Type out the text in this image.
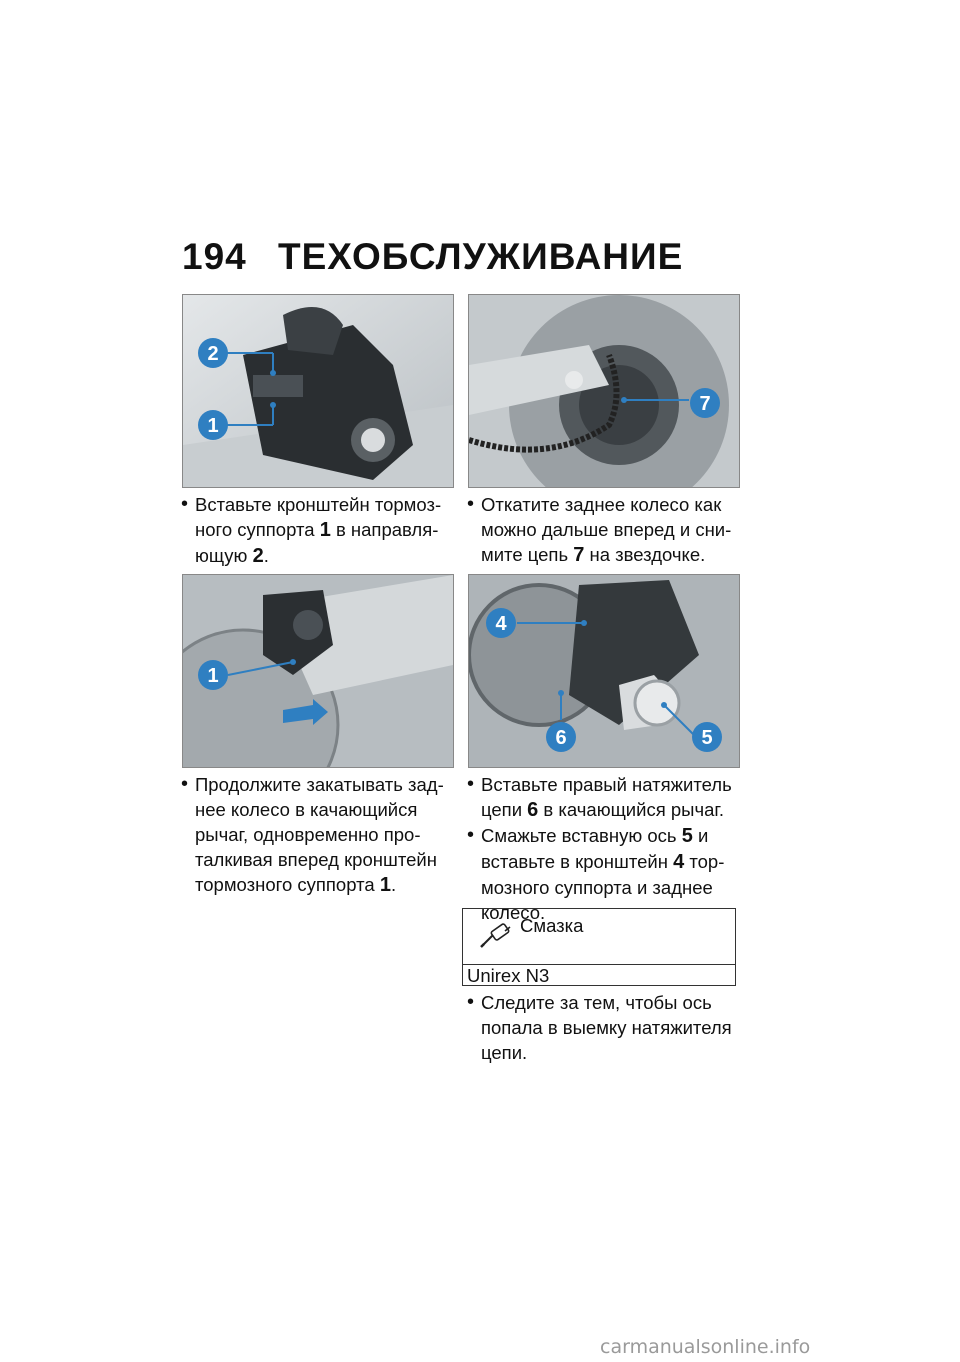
194 ТЕХОБСЛУЖИВАНИЕ
2
1
7
1
4
6	5

• Вставьте кронштейн тормоз-ного суппорта 1 в направля-ющую 2.

• Откатите заднее колесо как можно дальше вперед и сни-мите цепь 7 на звездочке.

• Продолжите закатывать зад-нее колесо в качающийся рычаг, одновременно про-талкивая вперед кронштейн тормозного суппорта 1.

• Вставьте правый натяжитель цепи 6 в качающийся рычаг.

• Смажьте вставную ось 5 и вставьте в кронштейн 4 тор-мозного суппорта и заднее колесо.

Смазка
Unirex N3

• Следите за тем, чтобы ось попала в выемку натяжителя цепи.

carmanualsonline.info
